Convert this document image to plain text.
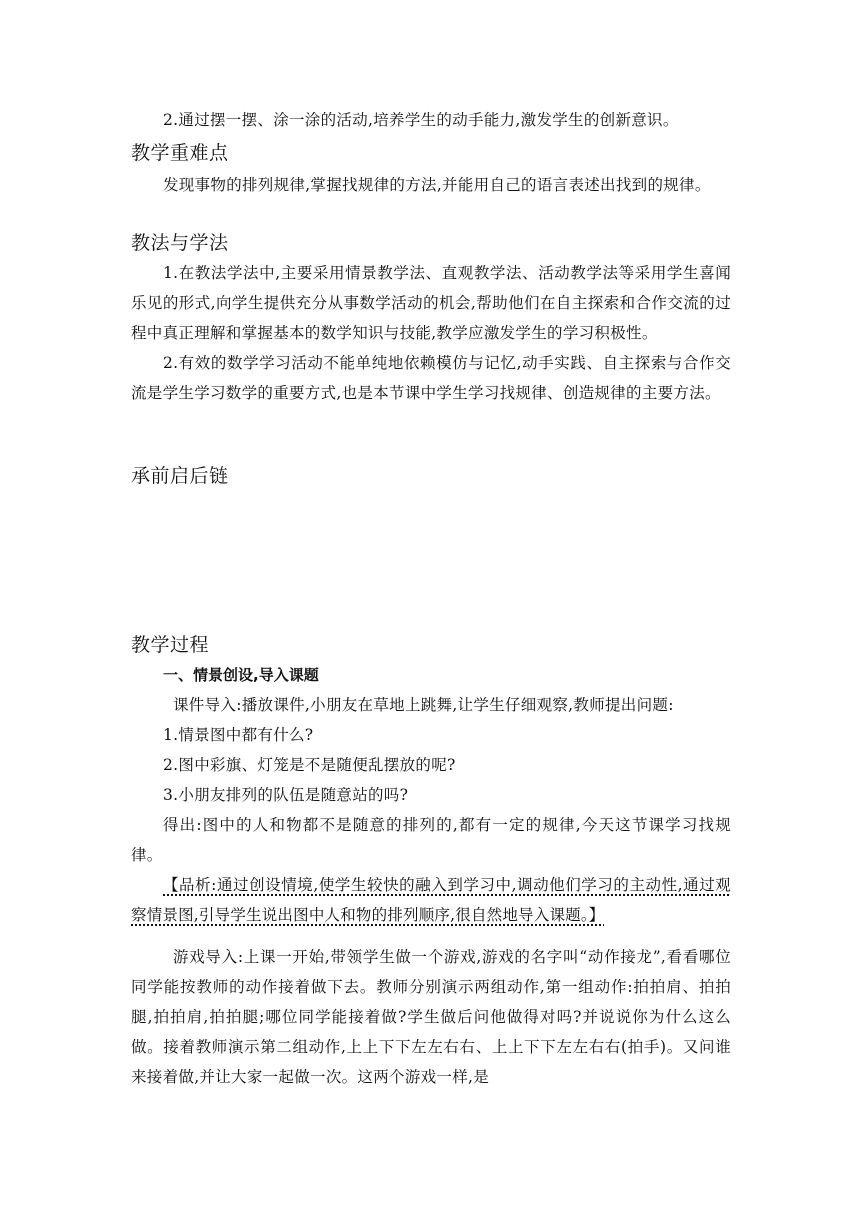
2.通过摆一摆、涂一涂的活动,培养学生的动手能力,激发学生的创新意识。

教学重难点

发现事物的排列规律,掌握找规律的方法,并能用自己的语言表述出找到的规律。

教法与学法

1.在教法学法中,主要采用情景教学法、直观教学法、活动教学法等采用学生喜闻乐见的形式,向学生提供充分从事数学活动的机会,帮助他们在自主探索和合作交流的过程中真正理解和掌握基本的数学知识与技能,教学应激发学生的学习积极性。

2.有效的数学学习活动不能单纯地依赖模仿与记忆,动手实践、自主探索与合作交流是学生学习数学的重要方式,也是本节课中学生学习找规律、创造规律的主要方法。

承前启后链

教学过程

一、情景创设,导入课题

课件导入:播放课件,小朋友在草地上跳舞,让学生仔细观察,教师提出问题:

1.情景图中都有什么?

2.图中彩旗、灯笼是不是随便乱摆放的呢?

3.小朋友排列的队伍是随意站的吗?

得出:图中的人和物都不是随意的排列的,都有一定的规律,今天这节课学习找规律。

【品析:通过创设情境,使学生较快的融入到学习中,调动他们学习的主动性,通过观察情景图,引导学生说出图中人和物的排列顺序,很自然地导入课题。】

游戏导入:上课一开始,带领学生做一个游戏,游戏的名字叫“动作接龙”,看看哪位同学能按教师的动作接着做下去。教师分别演示两组动作,第一组动作:拍拍肩、拍拍腿,拍拍肩,拍拍腿;哪位同学能接着做?学生做后问他做得对吗?并说说你为什么这么做。接着教师演示第二组动作,上上下下左左右右、上上下下左左右右(拍手)。又问谁来接着做,并让大家一起做一次。这两个游戏一样,是
